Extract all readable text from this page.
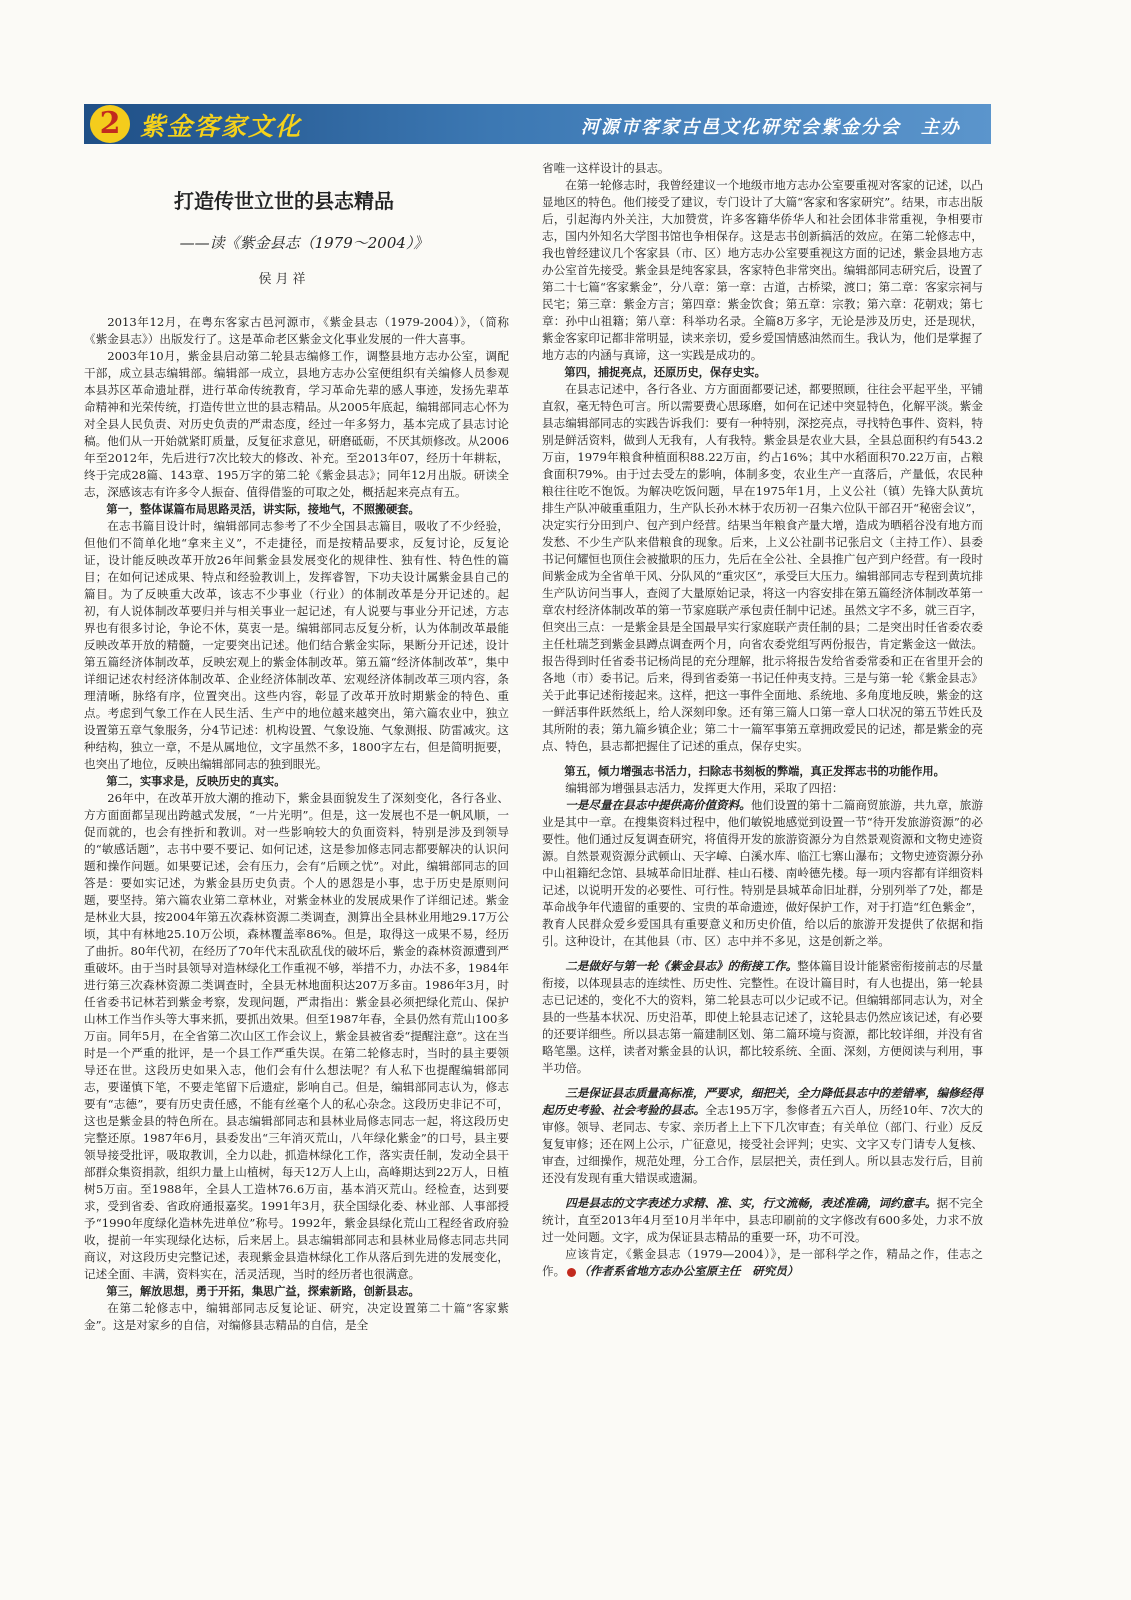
2 紫金客家文化	河源市客家古邑文化研究会紫金分会　主办
打造传世立世的县志精品
——读《紫金县志（1979～2004）》
侯月祥

2013年12月，在粤东客家古邑河源市，《紫金县志（1979-2004）》，（简称《紫金县志》）出版发行了。这是革命老区紫金文化事业发展的一件大喜事。

2003年10月，紫金县启动第二轮县志编修工作，调整县地方志办公室，调配干部，成立县志编辑部。编辑部一成立，县地方志办公室便组织有关编修人员参观本县苏区革命遗址群，进行革命传统教育，学习革命先辈的感人事迹，发扬先辈革命精神和光荣传统，打造传世立世的县志精品。从2005年底起，编辑部同志心怀为对全县人民负责、对历史负责的严肃态度，经过一年多努力，基本完成了县志讨论稿。他们从一开始就紧盯质量，反复征求意见，研磨砥砺，不厌其烦修改。从2006年至2012年，先后进行7次比较大的修改、补充。至2013年07，经历十年耕耘，终于完成28篇、143章、195万字的第二轮《紫金县志》；同年12月出版。研读全志，深感该志有许多令人振奋、值得借鉴的可取之处，概括起来亮点有五。

第一，整体谋篇布局思路灵活，讲实际，接地气，不照搬硬套。

在志书篇目设计时，编辑部同志参考了不少全国县志篇目，吸收了不少经验，但他们不简单化地“拿来主义”，不走捷径，而是按精品要求，反复讨论，反复论证，设计能反映改革开放26年间紫金县发展变化的规律性、独有性、特色性的篇目；在如何记述成果、特点和经验教训上，发挥睿智，下功夫设计属紫金县自己的篇目。为了反映重大改革，该志不少事业（行业）的体制改革是分开记述的。起初，有人说体制改革要归并与相关事业一起记述，有人说要与事业分开记述，方志界也有很多讨论，争论不休，莫衷一是。编辑部同志反复分析，认为体制改革最能反映改革开放的精髓，一定要突出记述。他们结合紫金实际，果断分开记述，设计第五篇经济体制改革，反映宏观上的紫金体制改革。第五篇“经济体制改革”，集中详细记述农村经济体制改革、企业经济体制改革、宏观经济体制改革三项内容，条理清晰，脉络有序，位置突出。这些内容，彰显了改革开放时期紫金的特色、重点。考虑到气象工作在人民生活、生产中的地位越来越突出，第六篇农业中，独立设置第五章气象服务，分4节记述：机构设置、气象设施、气象测报、防雷减灾。这种结构，独立一章，不是从属地位，文字虽然不多，1800字左右，但是简明扼要，也突出了地位，反映出编辑部同志的独到眼光。

第二，实事求是，反映历史的真实。

26年中，在改革开放大潮的推动下，紫金县面貌发生了深刻变化，各行各业、方方面面都呈现出跨越式发展，“一片光明”。但是，这一发展也不是一帆风顺，一促而就的，也会有挫折和教训。对一些影响较大的负面资料，特别是涉及到领导的“敏感话题”，志书中要不要记、如何记述，这是参加修志同志都要解决的认识问题和操作问题。如果要记述，会有压力，会有“后顾之忧”。对此，编辑部同志的回答是：要如实记述，为紫金县历史负责。个人的恩怨是小事，忠于历史是原则问题，要坚持。第六篇农业第二章林业，对紫金林业的发展成果作了详细记述。紫金是林业大县，按2004年第五次森林资源二类调查，测算出全县林业用地29.17万公顷，其中有林地25.10万公顷，森林覆盖率86%。但是，取得这一成果不易，经历了曲折。80年代初，在经历了70年代末乱砍乱伐的破坏后，紫金的森林资源遭到严重破坏。由于当时县领导对造林绿化工作重视不够，举措不力，办法不多，1984年进行第三次森林资源二类调查时，全县无林地面积达207万多亩。1986年3月，时任省委书记林若到紫金考察，发现问题，严肃指出：紫金县必须把绿化荒山、保护山林工作当作头等大事来抓，要抓出效果。但至1987年春，全县仍然有荒山100多万亩。同年5月，在全省第二次山区工作会议上，紫金县被省委“提醒注意”。这在当时是一个严重的批评，是一个县工作严重失误。在第二轮修志时，当时的县主要领导还在世。这段历史如果入志，他们会有什么想法呢？有人私下也提醒编辑部同志，要谨慎下笔，不要走笔留下后遗症，影响自己。但是，编辑部同志认为，修志要有“志德”，要有历史责任感，不能有丝毫个人的私心杂念。这段历史非记不可，这也是紫金县的特色所在。县志编辑部同志和县林业局修志同志一起，将这段历史完整还原。1987年6月，县委发出“三年消灭荒山，八年绿化紫金”的口号，县主要领导接受批评，吸取教训，全力以赴，抓造林绿化工作，落实责任制，发动全县干部群众集资捐款，组织力量上山植树，每天12万人上山，高峰期达到22万人，日植树5万亩。至1988年，全县人工造林76.6万亩，基本消灭荒山。经检查，达到要求，受到省委、省政府通报嘉奖。1991年3月，获全国绿化委、林业部、人事部授予“1990年度绿化造林先进单位”称号。1992年，紫金县绿化荒山工程经省政府验收，提前一年实现绿化达标，后来居上。县志编辑部同志和县林业局修志同志共同商议，对这段历史完整记述，表现紫金县造林绿化工作从落后到先进的发展变化，记述全面、丰满，资料实在，活灵活现，当时的经历者也很满意。

第三，解放思想，勇于开拓，集思广益，探索新路，创新县志。

在第二轮修志中，编辑部同志反复论证、研究，决定设置第二十篇“客家紫金”。这是对家乡的自信，对编修县志精品的自信，是全

省唯一这样设计的县志。

在第一轮修志时，我曾经建议一个地级市地方志办公室要重视对客家的记述，以凸显地区的特色。他们接受了建议，专门设计了大篇“客家和客家研究”。结果，市志出版后，引起海内外关注，大加赞赏，许多客籍华侨华人和社会团体非常重视，争相要市志，国内外知名大学图书馆也争相保存。这是志书创新搞活的效应。在第二轮修志中，我也曾经建议几个客家县（市、区）地方志办公室要重视这方面的记述，紫金县地方志办公室首先接受。紫金县是纯客家县，客家特色非常突出。编辑部同志研究后，设置了第二十七篇“客家紫金”，分八章：第一章：古道，古桥梁，渡口；第二章：客家宗祠与民宅；第三章：紫金方言；第四章：紫金饮食；第五章：宗教；第六章：花朝戏；第七章：孙中山祖籍；第八章：科举功名录。全篇8万多字，无论是涉及历史，还是现状，紫金客家印记都非常明显，读来亲切，爱乡爱国情感油然而生。我认为，他们是掌握了地方志的内涵与真谛，这一实践是成功的。

第四，捕捉亮点，还原历史，保存史实。

在县志记述中，各行各业、方方面面都要记述，都要照顾，往往会平起平坐，平铺直叙，毫无特色可言。所以需要费心思琢磨，如何在记述中突显特色，化解平淡。紫金县志编辑部同志的实践告诉我们：要有一种特别，深挖亮点，寻找特色事件、资料，特别是鲜活资料，做到人无我有，人有我特。紫金县是农业大县，全县总面积约有543.2万亩，1979年粮食种植面积88.22万亩，约占16%；其中水稻面积70.22万亩，占粮食面积79%。由于过去受左的影响，体制多变，农业生产一直落后，产量低，农民种粮往往吃不饱饭。为解决吃饭问题，早在1975年1月，上义公社（镇）先锋大队黄坑排生产队冲破重重阻力，生产队长孙木林于农历初一召集六位队干部召开“秘密会议”，决定实行分田到户、包产到户经营。结果当年粮食产量大增，造成为晒稻谷没有地方而发愁、不少生产队来借粮食的现象。后来，上义公社副书记张启文（主持工作）、县委书记何耀恒也顶住会被撤职的压力，先后在全公社、全县推广包产到户经营。有一段时间紫金成为全省单干风、分队风的“重灾区”，承受巨大压力。编辑部同志专程到黄坑排生产队访问当事人，查阅了大量原始记录，将这一内容安排在第五篇经济体制改革第一章农村经济体制改革的第一节家庭联产承包责任制中记述。虽然文字不多，就三百字，但突出三点：一是紫金县是全国最早实行家庭联产责任制的县；二是突出时任省委农委主任杜瑞芝到紫金县蹲点调查两个月，向省农委党组写两份报告，肯定紫金这一做法。报告得到时任省委书记杨尚昆的充分理解，批示将报告发给省委常委和正在省里开会的各地（市）委书记。后来，得到省委第一书记任仲夷支持。三是与第一轮《紫金县志》关于此事记述衔接起来。这样，把这一事件全面地、系统地、多角度地反映，紫金的这一鲜活事件跃然纸上，给人深刻印象。还有第三篇人口第一章人口状况的第五节姓氏及其所附的表；第九篇乡镇企业；第二十一篇军事第五章拥政爱民的记述，都是紫金的亮点、特色，县志都把握住了记述的重点，保存史实。

第五，倾力增强志书活力，扫除志书刻板的弊端，真正发挥志书的功能作用。

编辑部为增强县志活力，发挥更大作用，采取了四招：

一是尽量在县志中提供高价值资料。他们设置的第十二篇商贸旅游，共九章，旅游业是其中一章。在搜集资料过程中，他们敏锐地感觉到设置一节“待开发旅游资源”的必要性。他们通过反复调查研究，将值得开发的旅游资源分为自然景观资源和文物史迹资源。自然景观资源分武顿山、天字嶂、白溪水库、临江七寨山瀑布；文物史迹资源分孙中山祖籍纪念馆、县城革命旧址群、桂山石楼、南岭德先楼。每一项内容都有详细资料记述，以说明开发的必要性、可行性。特别是县城革命旧址群，分别列举了7处，都是革命战争年代遗留的重要的、宝贵的革命遗迹，做好保护工作，对于打造“红色紫金”，教育人民群众爱乡爱国具有重要意义和历史价值，给以后的旅游开发提供了依据和指引。这种设计，在其他县（市、区）志中并不多见，这是创新之举。

二是做好与第一轮《紫金县志》的衔接工作。整体篇目设计能紧密衔接前志的尽量衔接，以体现县志的连续性、历史性、完整性。在设计篇目时，有人也提出，第一轮县志已记述的，变化不大的资料，第二轮县志可以少记或不记。但编辑部同志认为，对全县的一些基本状况、历史沿革，即使上轮县志记述了，这轮县志仍然应该记述，有必要的还要详细些。所以县志第一篇建制区划、第二篇环境与资源，都比较详细，并没有省略笔墨。这样，读者对紫金县的认识，都比较系统、全面、深刻，方便阅读与利用，事半功倍。

三是保证县志质量高标准，严要求，细把关，全力降低县志中的差错率，编修经得起历史考验、社会考验的县志。全志195万字，参修者五六百人，历经10年、7次大的审修。领导、老同志、专家、亲历者上上下下几次审查；有关单位（部门、行业）反反复复审修；还在网上公示，广征意见，接受社会评判；史实、文字又专门请专人复核、审查，过细操作，规范处理，分工合作，层层把关，责任到人。所以县志发行后，目前还没有发现有重大错误或遗漏。

四是县志的文字表述力求精、准、实，行文流畅，表述准确，词约意丰。据不完全统计，直至2013年4月至10月半年中，县志印刷前的文字修改有600多处，力求不放过一处问题。文字，成为保证县志精品的重要一环，功不可没。

应该肯定，《紫金县志（1979—2004）》，是一部科学之作，精品之作，佳志之作。 （作者系省地方志办公室原主任　研究员）
